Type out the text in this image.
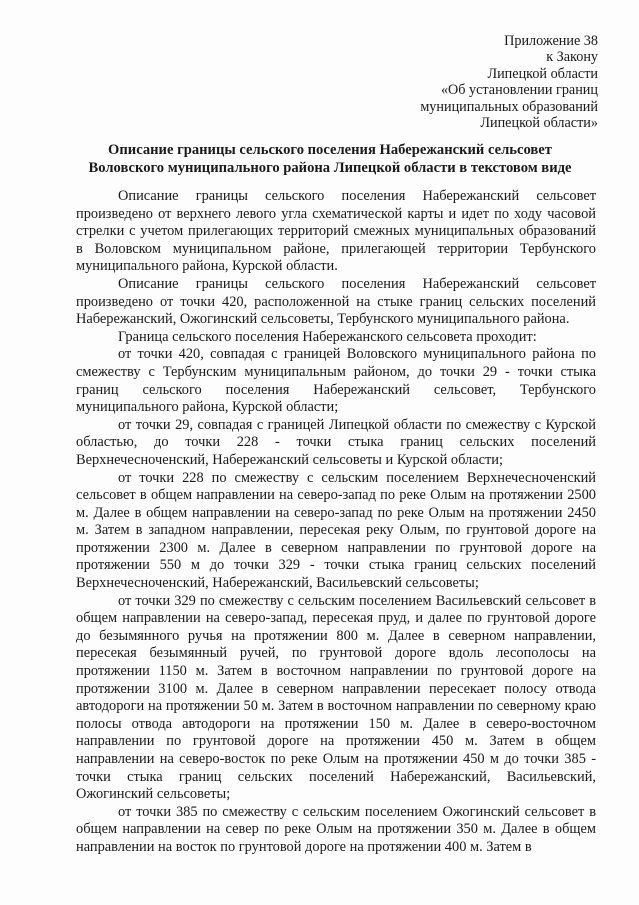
Приложение 38
к Закону
Липецкой области
«Об установлении границ
муниципальных образований
Липецкой области»
Описание границы сельского поселения Набережанский сельсовет
Воловского муниципального района Липецкой области в текстовом виде

Описание границы сельского поселения Набережанский сельсовет произведено от верхнего левого угла схематической карты и идет по ходу часовой стрелки с учетом прилегающих территорий смежных муниципальных образований в Воловском муниципальном районе, прилегающей территории Тербунского муниципального района, Курской области.

Описание границы сельского поселения Набережанский сельсовет произведено от точки 420, расположенной на стыке границ сельских поселений Набережанский, Ожогинский сельсоветы, Тербунского муниципального района.

Граница сельского поселения Набережанского сельсовета проходит:

от точки 420, совпадая с границей Воловского муниципального района по смежеству с Тербунским муниципальным районом, до точки 29 - точки стыка границ сельского поселения Набережанский сельсовет, Тербунского муниципального района, Курской области;

от точки 29, совпадая с границей Липецкой области по смежеству с Курской областью, до точки 228 - точки стыка границ сельских поселений Верхнечесноченский, Набережанский сельсоветы и Курской области;

от точки 228 по смежеству с сельским поселением Верхнечесноченский сельсовет в общем направлении на северо-запад по реке Олым на протяжении 2500 м. Далее в общем направлении на северо-запад по реке Олым на протяжении 2450 м. Затем в западном направлении, пересекая реку Олым, по грунтовой дороге на протяжении 2300 м. Далее в северном направлении по грунтовой дороге на протяжении 550 м до точки 329 - точки стыка границ сельских поселений Верхнечесноченский, Набережанский, Васильевский сельсоветы;

от точки 329 по смежеству с сельским поселением Васильевский сельсовет в общем направлении на северо-запад, пересекая пруд, и далее по грунтовой дороге до безымянного ручья на протяжении 800 м. Далее в северном направлении, пересекая безымянный ручей, по грунтовой дороге вдоль лесополосы на протяжении 1150 м. Затем в восточном направлении по грунтовой дороге на протяжении 3100 м. Далее в северном направлении пересекает полосу отвода автодороги на протяжении 50 м. Затем в восточном направлении по северному краю полосы отвода автодороги на протяжении 150 м. Далее в северо-восточном направлении по грунтовой дороге на протяжении 450 м. Затем в общем направлении на северо-восток по реке Олым на протяжении 450 м до точки 385 - точки стыка границ сельских поселений Набережанский, Васильевский, Ожогинский сельсоветы;

от точки 385 по смежеству с сельским поселением Ожогинский сельсовет в общем направлении на север по реке Олым на протяжении 350 м. Далее в общем направлении на восток по грунтовой дороге на протяжении 400 м. Затем в
